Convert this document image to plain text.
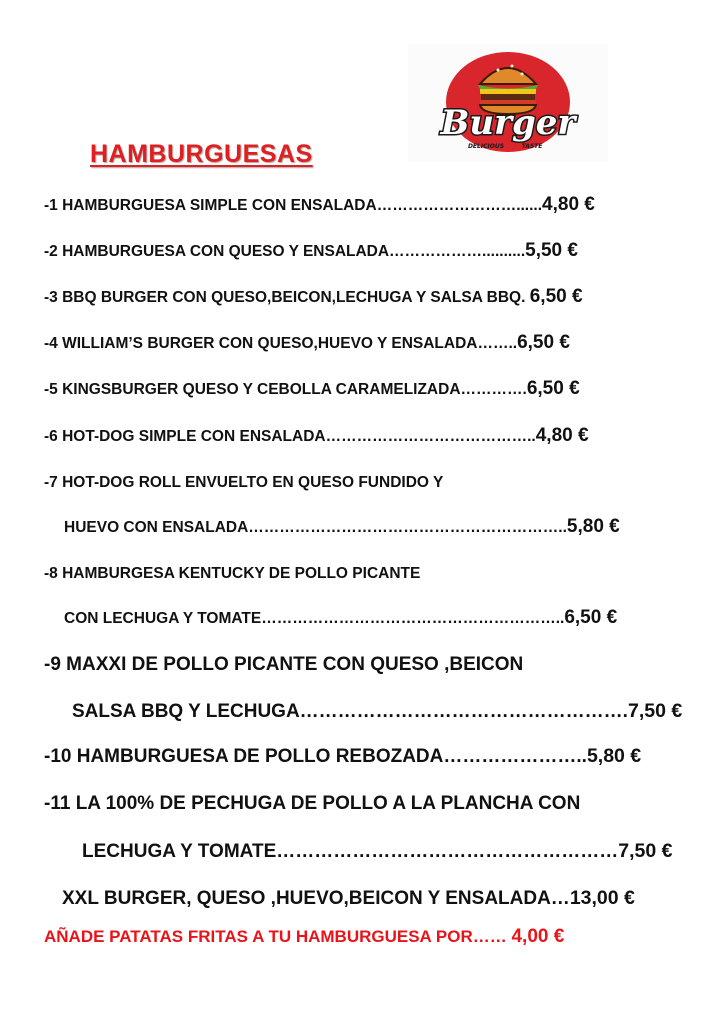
Burger
DELICIOUS	TASTE
HAMBURGUESAS
-1 HAMBURGUESA SIMPLE CON ENSALADA………………………......4,80 €
-2 HAMBURGUESA CON QUESO Y ENSALADA………………..........5,50 €
-3 BBQ BURGER CON QUESO,BEICON,LECHUGA Y SALSA BBQ. 6,50 €
-4 WILLIAM’S BURGER CON QUESO,HUEVO Y ENSALADA……..6,50 €
-5 KINGSBURGER QUESO Y CEBOLLA CARAMELIZADA………….6,50 €
-6 HOT-DOG SIMPLE CON ENSALADA…………………………………..4,80 €
-7 HOT-DOG ROLL ENVUELTO EN QUESO FUNDIDO Y
HUEVO CON ENSALADA……………………………………………………..5,80 €
-8 HAMBURGESA KENTUCKY DE POLLO PICANTE
CON LECHUGA Y TOMATE…………………………………………………..6,50 €
-9 MAXXI DE POLLO PICANTE CON QUESO ,BEICON
SALSA BBQ Y LECHUGA…………………………………………….7,50 €
-10 HAMBURGUESA DE POLLO REBOZADA…………………..5,80 €
-11 LA 100% DE PECHUGA DE POLLO A LA PLANCHA CON
LECHUGA Y TOMATE………………………………………………7,50 €
XXL BURGER, QUESO ,HUEVO,BEICON Y ENSALADA…13,00 €
AÑADE PATATAS FRITAS A TU HAMBURGUESA POR…… 4,00 €
